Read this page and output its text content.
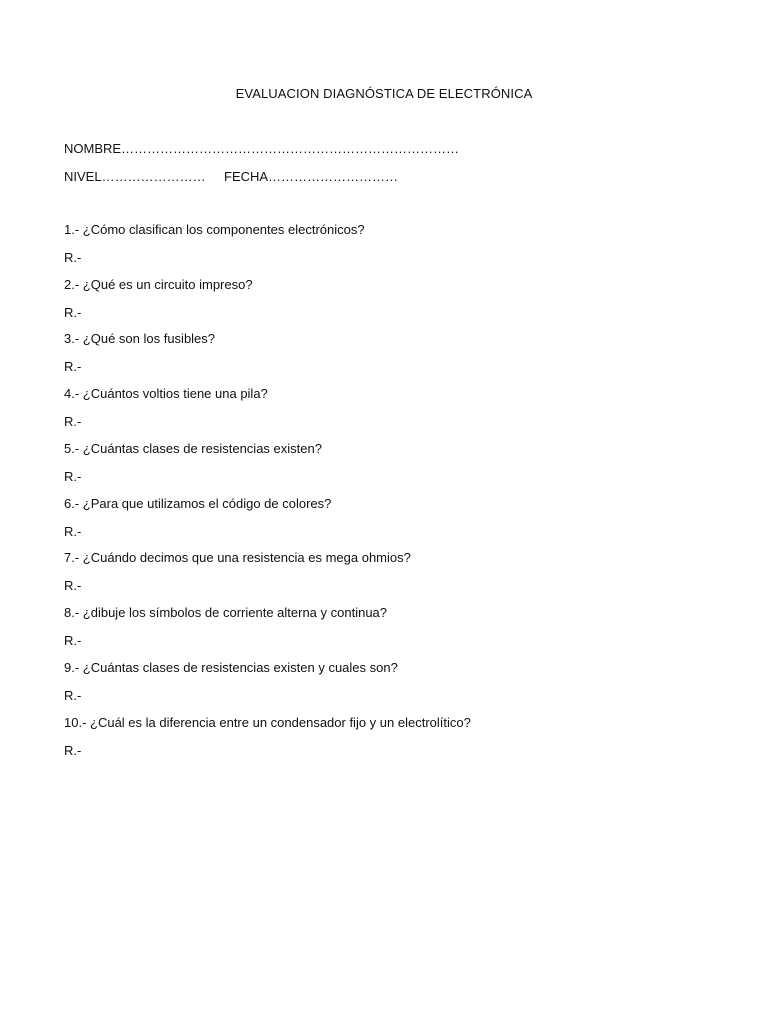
EVALUACION DIAGNÓSTICA DE ELECTRÓNICA
NOMBRE……………………………………………………………………
NIVEL…………………… FECHA…………………………
1.- ¿Cómo clasifican los componentes electrónicos?
R.-
2.- ¿Qué es un circuito impreso?
R.-
3.- ¿Qué son los fusibles?
R.-
4.- ¿Cuántos voltios tiene una pila?
R.-
5.- ¿Cuántas clases de resistencias existen?
R.-
6.- ¿Para que utilizamos el código de colores?
R.-
7.- ¿Cuándo decimos que una resistencia es mega ohmios?
R.-
8.- ¿dibuje los símbolos de corriente alterna y continua?
R.-
9.- ¿Cuántas clases de resistencias existen y cuales son?
R.-
10.- ¿Cuál es la diferencia entre un condensador fijo y un electrolítico?
R.-
